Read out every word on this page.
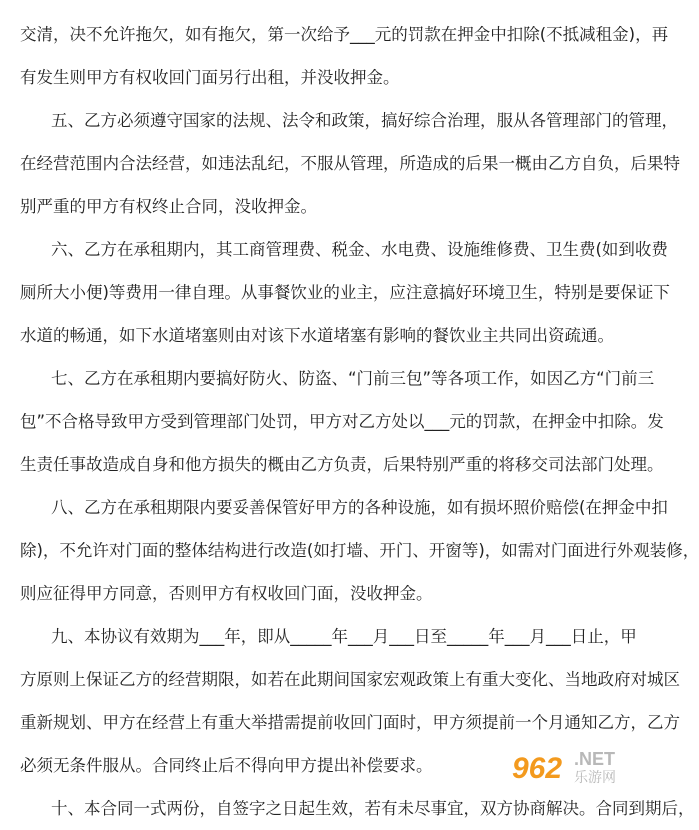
交清，决不允许拖欠，如有拖欠，第一次给予___元的罚款在押金中扣除(不抵减租金)，再
有发生则甲方有权收回门面另行出租，并没收押金。
五、乙方必须遵守国家的法规、法令和政策，搞好综合治理，服从各管理部门的管理，
在经营范围内合法经营，如违法乱纪，不服从管理，所造成的后果一概由乙方自负，后果特
别严重的甲方有权终止合同，没收押金。
六、乙方在承租期内，其工商管理费、税金、水电费、设施维修费、卫生费(如到收费
厕所大小便)等费用一律自理。从事餐饮业的业主，应注意搞好环境卫生，特别是要保证下
水道的畅通，如下水道堵塞则由对该下水道堵塞有影响的餐饮业主共同出资疏通。
七、乙方在承租期内要搞好防火、防盗、“门前三包”等各项工作，如因乙方“门前三
包”不合格导致甲方受到管理部门处罚，甲方对乙方处以___元的罚款，在押金中扣除。发
生责任事故造成自身和他方损失的概由乙方负责，后果特别严重的将移交司法部门处理。
八、乙方在承租期限内要妥善保管好甲方的各种设施，如有损坏照价赔偿(在押金中扣
除)，不允许对门面的整体结构进行改造(如打墙、开门、开窗等)，如需对门面进行外观装修，
则应征得甲方同意，否则甲方有权收回门面，没收押金。
九、本协议有效期为___年，即从_____年___月___日至_____年___月___日止，甲
方原则上保证乙方的经营期限，如若在此期间国家宏观政策上有重大变化、当地政府对城区
重新规划、甲方在经营上有重大举措需提前收回门面时，甲方须提前一个月通知乙方，乙方
必须无条件服从。合同终止后不得向甲方提出补偿要求。
十、本合同一式两份，自签字之日起生效，若有未尽事宜，双方协商解决。合同到期后，
962 .NET
乐游网
